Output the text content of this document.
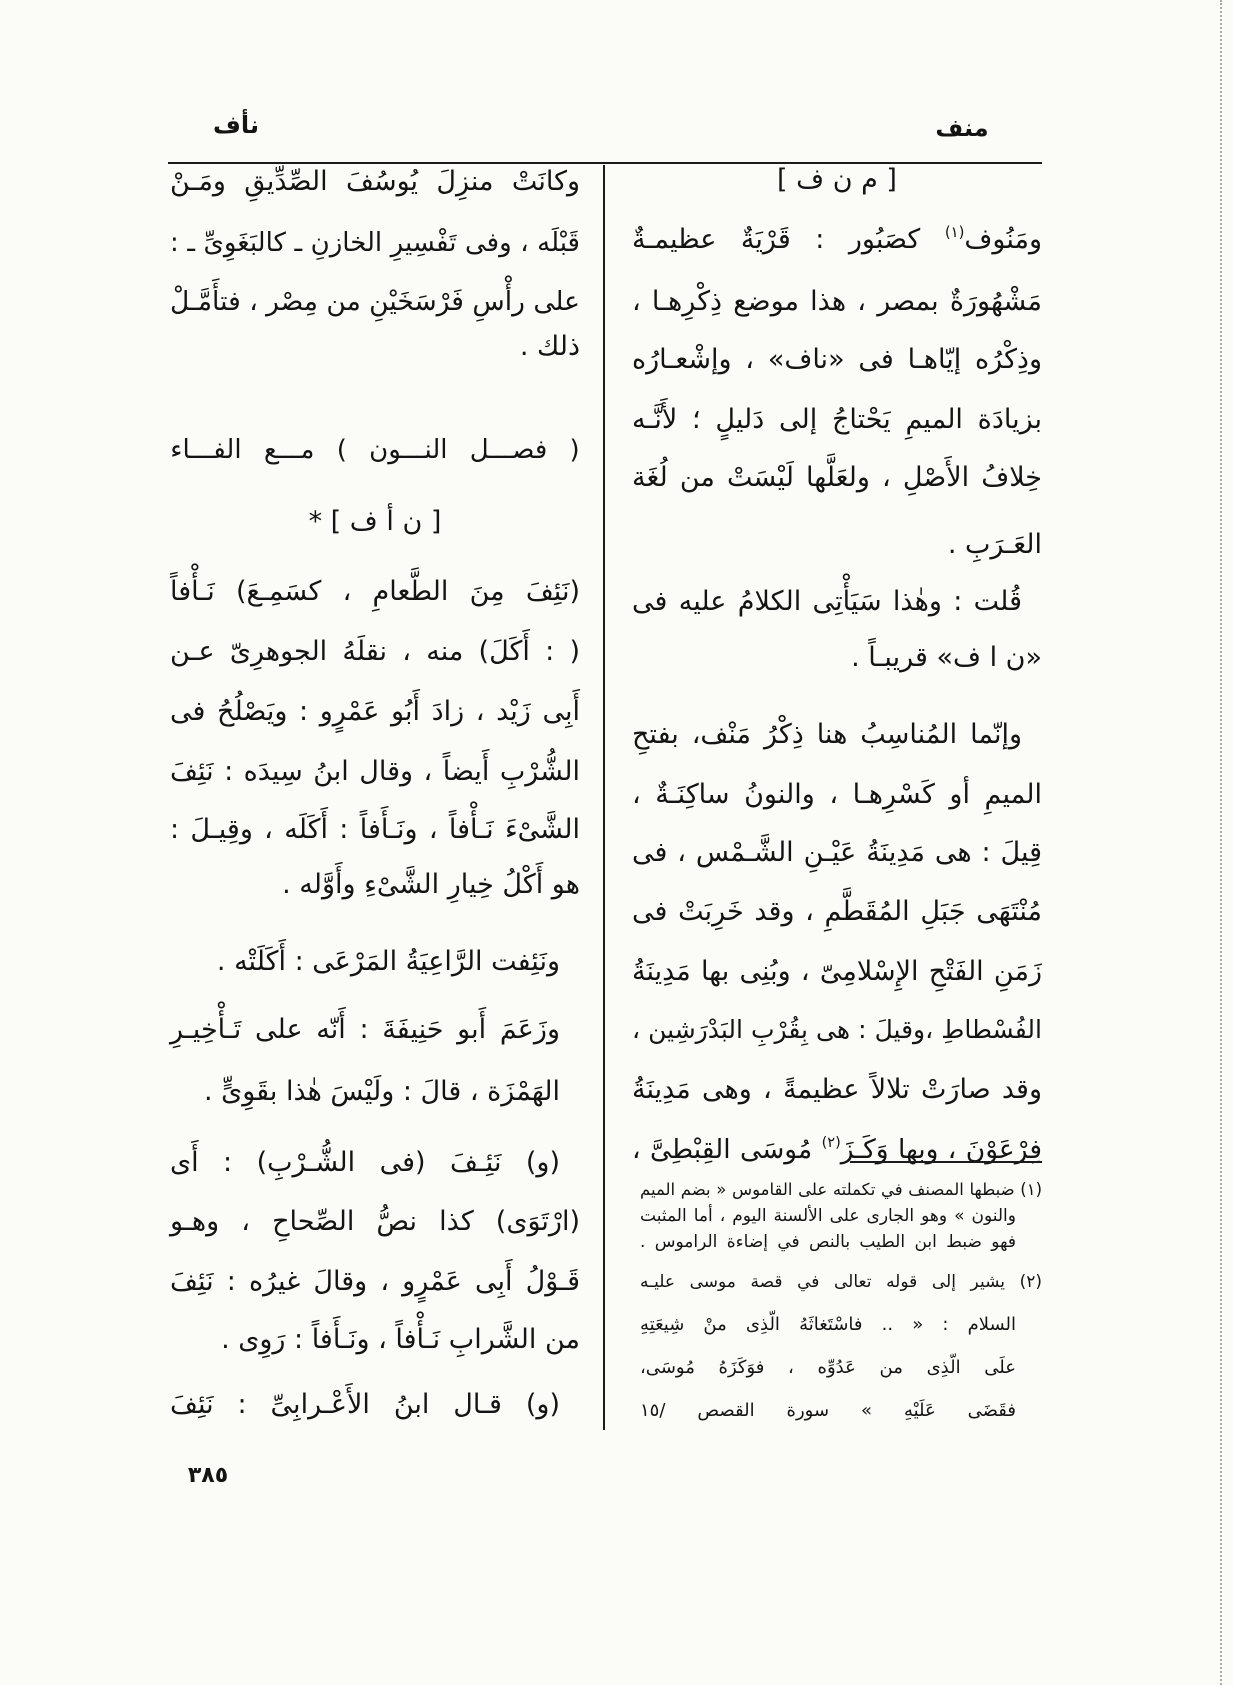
منف
نأف
[ م ن ف ]
ومَنُوف$^{(١)}$ كصَبُور : قَرْيَةٌ عظيمـةٌ
مَشْهُورَةٌ بمصر ، هذا موضع ذِكْرِهـا ،
وذِكْرُه إيّاهـا فى «ناف» ، وإشْعـارُه
بزيادَة الميمِ يَحْتاجُ إلى دَليلٍ ؛ لأَنَّـه
خِلافُ الأَصْلِ ، ولعَلَّها لَيْسَتْ من لُغَة
العَـرَبِ .
قُلت : وهٰذا سَيَأْتِى الكلامُ عليه فى
«ن ا ف» قريبـاً .
وإنّما المُناسِبُ هنا ذِكْرُ مَنْف، بفتحِ
الميمِ أو كَسْرِهـا ، والنونُ ساكِنَـةٌ ،
قِيلَ : هى مَدِينَةُ عَيْـنِ الشَّـمْس ، فى
مُنْتَهَى جَبَلِ المُقَطَّمِ ، وقد خَرِبَتْ فى
زَمَنِ الفَتْحِ الإِسْلامِىّ ، وبُنِى بها مَدِينَةُ
الفُسْطاطِ ،وقيلَ : هى بِقُرْبِ البَدْرَشِين ،
وقد صارَتْ تلالاً عظيمةً ، وهى مَدِينَةُ
فِرْعَوْنَ ، وبها وَكَـزَ$^{(٢)}$ مُوسَى القِبْطِىَّ ،
(١) ضبطها المصنف في تكملته على القاموس « بضم الميم
والنون » وهو الجارى على الألسنة اليوم ، أما المثبت
فهو ضبط ابن الطيب بالنص في إضاءة الراموس .
(٢) يشير إلى قوله تعالى في قصة موسى عليـه
السلام : « .. فاسْتَغاثَهُ الّذِى منْ شِيعَتِهِ
علَى الّذِى من عَدُوِّه ، فوَكَزَهُ مُوسَى،
فقَضَى عَلَيْهِ » سورة القصص /١٥
وكانَتْ منزِلَ يُوسُفَ الصِّدِّيقِ ومَـنْ
قَبْلَه ، وفى تَفْسِيرِ الخازنِ ـ كالبَغَوِىِّ ـ :
على رأْسِ فَرْسَخَيْنِ من مِصْر ، فتأَمَّـلْ
ذلك .
( فصـــل النـــون ) مـــع الفـــاء
[ ن أ ف ] *
(نَئِفَ مِنَ الطَّعامِ ، كسَمِـعَ) نَـأْفاً
( : أَكَلَ) منه ، نقلَهُ الجوهرِىّ عـن
أَبِى زَيْد ، زادَ أَبُو عَمْرٍو : ويَصْلُحُ فى
الشُّرْبِ أَيضاً ، وقال ابنُ سِيدَه : نَئِفَ
الشَّىْءَ نَـأْفاً ، ونَـأَفاً : أَكَلَه ، وقِيـلَ :
هو أَكْلُ خِيارِ الشَّىْءِ وأَوَّله .
ونَئِفت الرَّاعِيَةُ المَرْعَى : أَكَلَتْه .
وزَعَمَ أَبو حَنِيفَةَ : أَنّه على تَـأْخِيـرِ
الهَمْزَة ، قالَ : ولَيْسَ هٰذا بقَوِىٍّ .
(و) نَئِـفَ (فى الشُّـرْبِ) : أَى
(ارْتَوَى) كذا نصُّ الصِّحاحِ ، وهـو
قَـوْلُ أَبِى عَمْرٍو ، وقالَ غيرُه : نَئِفَ
من الشَّرابِ نَـأْفاً ، ونَـأَفاً : رَوِى .
(و) قـال ابنُ الأَعْـرابِىِّ : نَئِفَ
٣٨٥
